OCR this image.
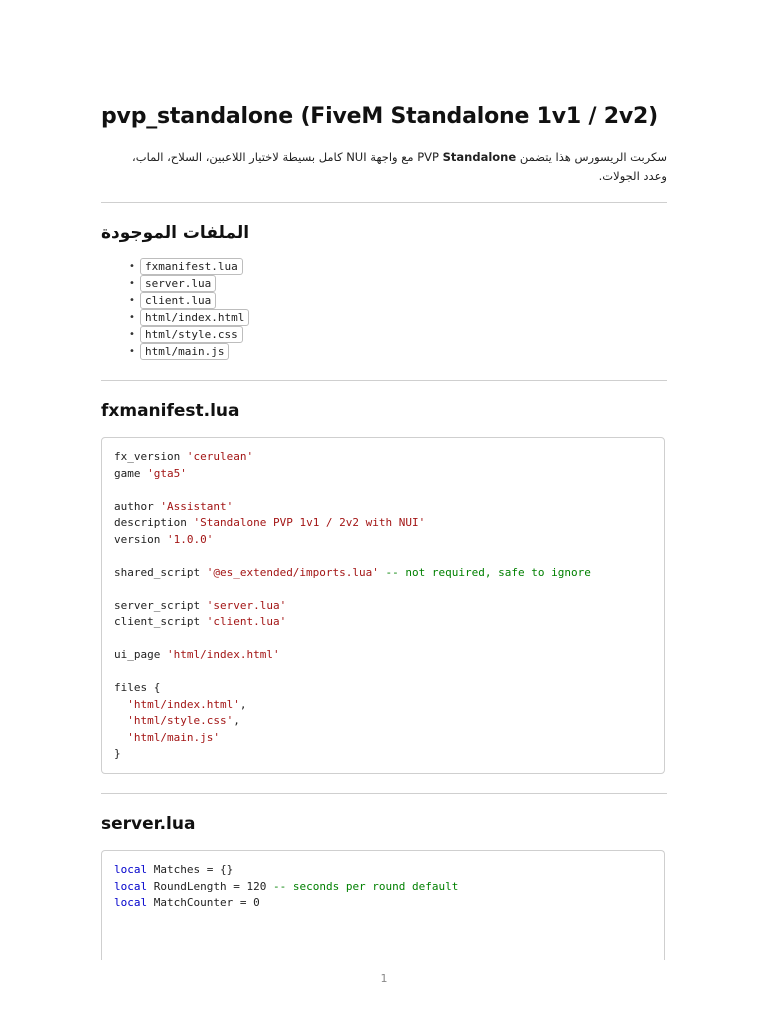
pvp_standalone (FiveM Standalone 1v1 / 2v2)

سكربت الريسورس هذا يتضمن PVP Standalone مع واجهة NUI كامل بسيطة لاختيار اللاعبين، السلاح، الماب،
وعدد الجولات.

الملفات الموجودة
• fxmanifest.lua
• server.lua
• client.lua
• html/index.html
• html/style.css
• html/main.js
fxmanifest.lua
fx_version 'cerulean'
game 'gta5'

author 'Assistant'
description 'Standalone PVP 1v1 / 2v2 with NUI'
version '1.0.0'

shared_script '@es_extended/imports.lua' -- not required, safe to ignore

server_script 'server.lua'
client_script 'client.lua'

ui_page 'html/index.html'

files {
'html/index.html',
'html/style.css',
'html/main.js'
}
server.lua
local Matches = {}
local RoundLength = 120 -- seconds per round default
local MatchCounter = 0
1
